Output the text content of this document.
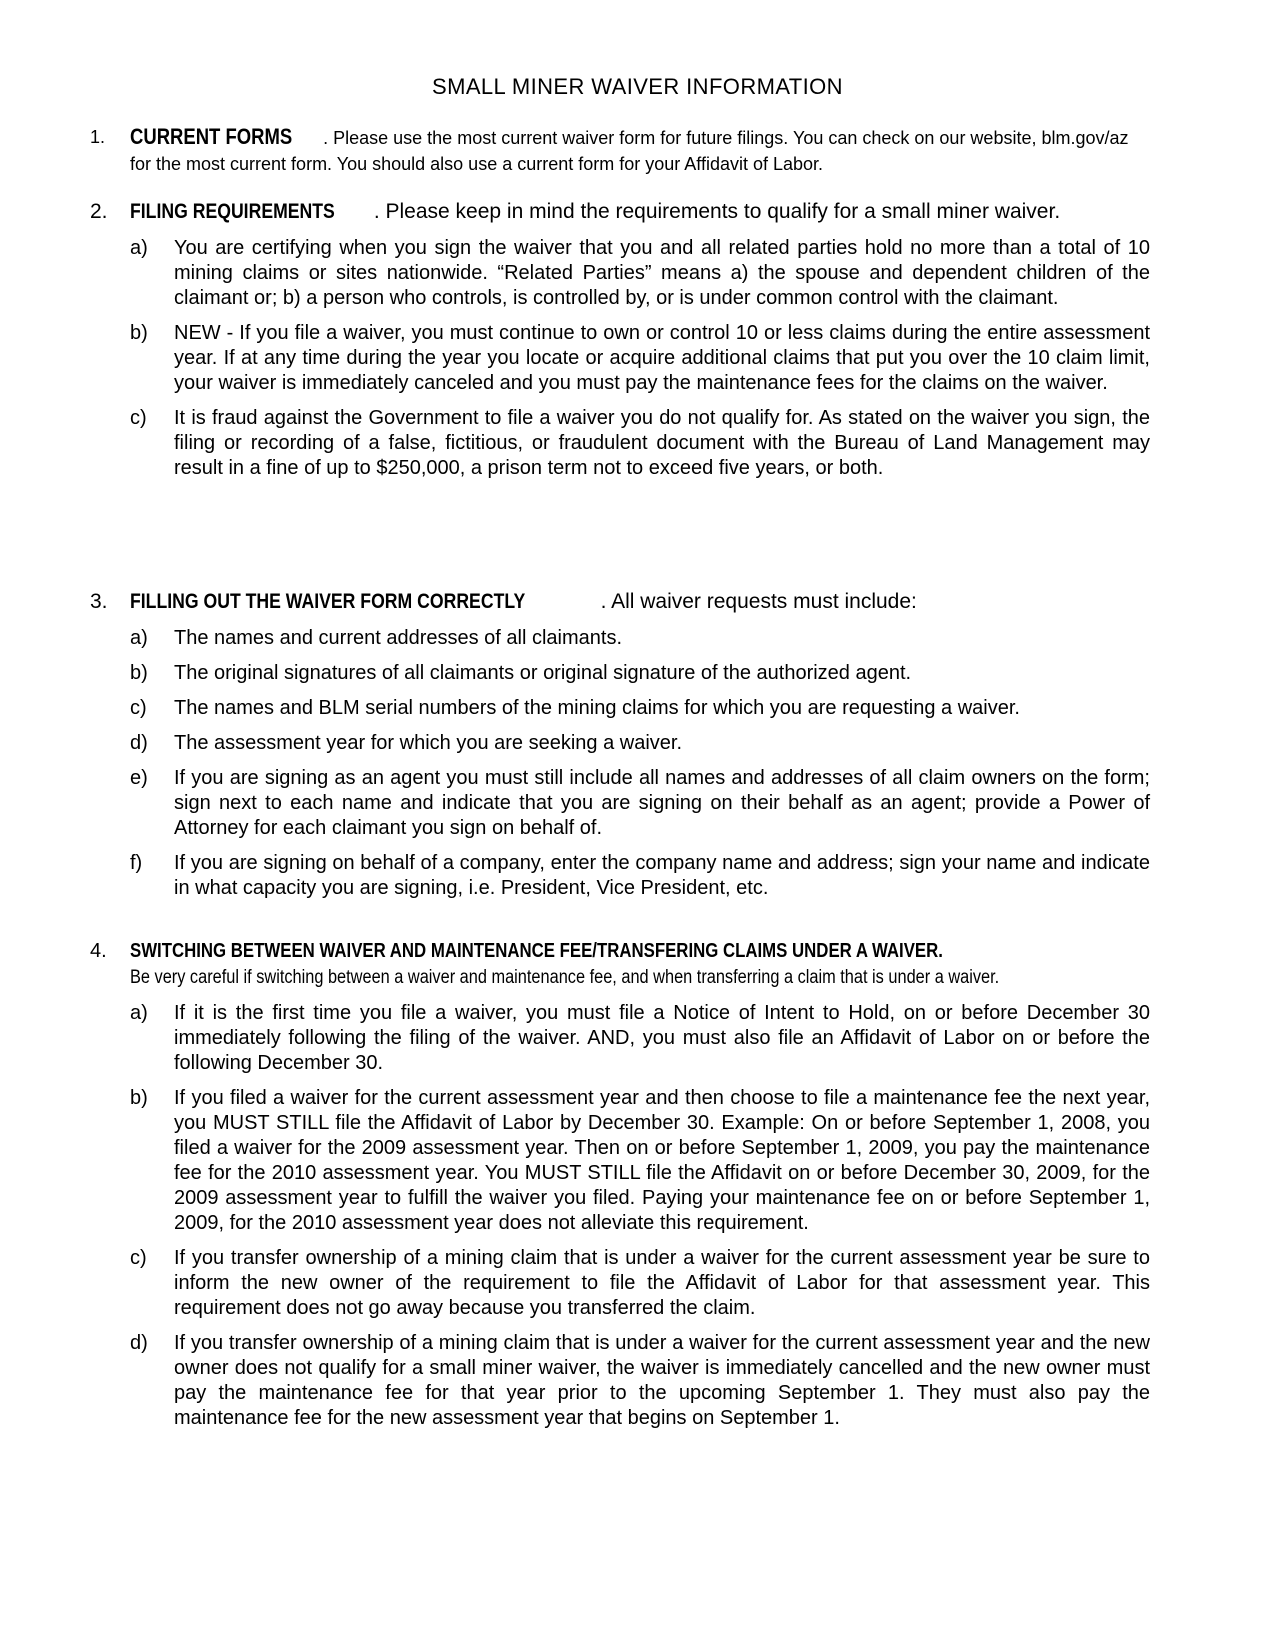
SMALL MINER WAIVER INFORMATION
1. CURRENT FORMS . Please use the most current waiver form for future filings. You can check on our website, blm.gov/az for the most current form. You should also use a current form for your Affidavit of Labor.
2. FILING REQUIREMENTS . Please keep in mind the requirements to qualify for a small miner waiver.
a) You are certifying when you sign the waiver that you and all related parties hold no more than a total of 10 mining claims or sites nationwide. “Related Parties” means a) the spouse and dependent children of the claimant or; b) a person who controls, is controlled by, or is under common control with the claimant.
b) NEW - If you file a waiver, you must continue to own or control 10 or less claims during the entire assessment year. If at any time during the year you locate or acquire additional claims that put you over the 10 claim limit, your waiver is immediately canceled and you must pay the maintenance fees for the claims on the waiver.
c) It is fraud against the Government to file a waiver you do not qualify for. As stated on the waiver you sign, the filing or recording of a false, fictitious, or fraudulent document with the Bureau of Land Management may result in a fine of up to $250,000, a prison term not to exceed five years, or both.
3. FILLING OUT THE WAIVER FORM CORRECTLY	. All waiver requests must include:
a) The names and current addresses of all claimants.
b) The original signatures of all claimants or original signature of the authorized agent.
c) The names and BLM serial numbers of the mining claims for which you are requesting a waiver.
d) The assessment year for which you are seeking a waiver.
e) If you are signing as an agent you must still include all names and addresses of all claim owners on the form; sign next to each name and indicate that you are signing on their behalf as an agent; provide a Power of Attorney for each claimant you sign on behalf of.
f) If you are signing on behalf of a company, enter the company name and address; sign your name and indicate in what capacity you are signing, i.e. President, Vice President, etc.
4. SWITCHING BETWEEN WAIVER AND MAINTENANCE FEE/TRANSFERING CLAIMS UNDER A WAIVER.
Be very careful if switching between a waiver and maintenance fee, and when transferring a claim that is under a waiver.
a) If it is the first time you file a waiver, you must file a Notice of Intent to Hold, on or before December 30 immediately following the filing of the waiver. AND, you must also file an Affidavit of Labor on or before the following December 30.
b) If you filed a waiver for the current assessment year and then choose to file a maintenance fee the next year, you MUST STILL file the Affidavit of Labor by December 30. Example: On or before September 1, 2008, you filed a waiver for the 2009 assessment year. Then on or before September 1, 2009, you pay the maintenance fee for the 2010 assessment year. You MUST STILL file the Affidavit on or before December 30, 2009, for the 2009 assessment year to fulfill the waiver you filed. Paying your maintenance fee on or before September 1, 2009, for the 2010 assessment year does not alleviate this requirement.
c) If you transfer ownership of a mining claim that is under a waiver for the current assessment year be sure to inform the new owner of the requirement to file the Affidavit of Labor for that assessment year. This requirement does not go away because you transferred the claim.
d) If you transfer ownership of a mining claim that is under a waiver for the current assessment year and the new owner does not qualify for a small miner waiver, the waiver is immediately cancelled and the new owner must pay the maintenance fee for that year prior to the upcoming September 1. They must also pay the maintenance fee for the new assessment year that begins on September 1.
